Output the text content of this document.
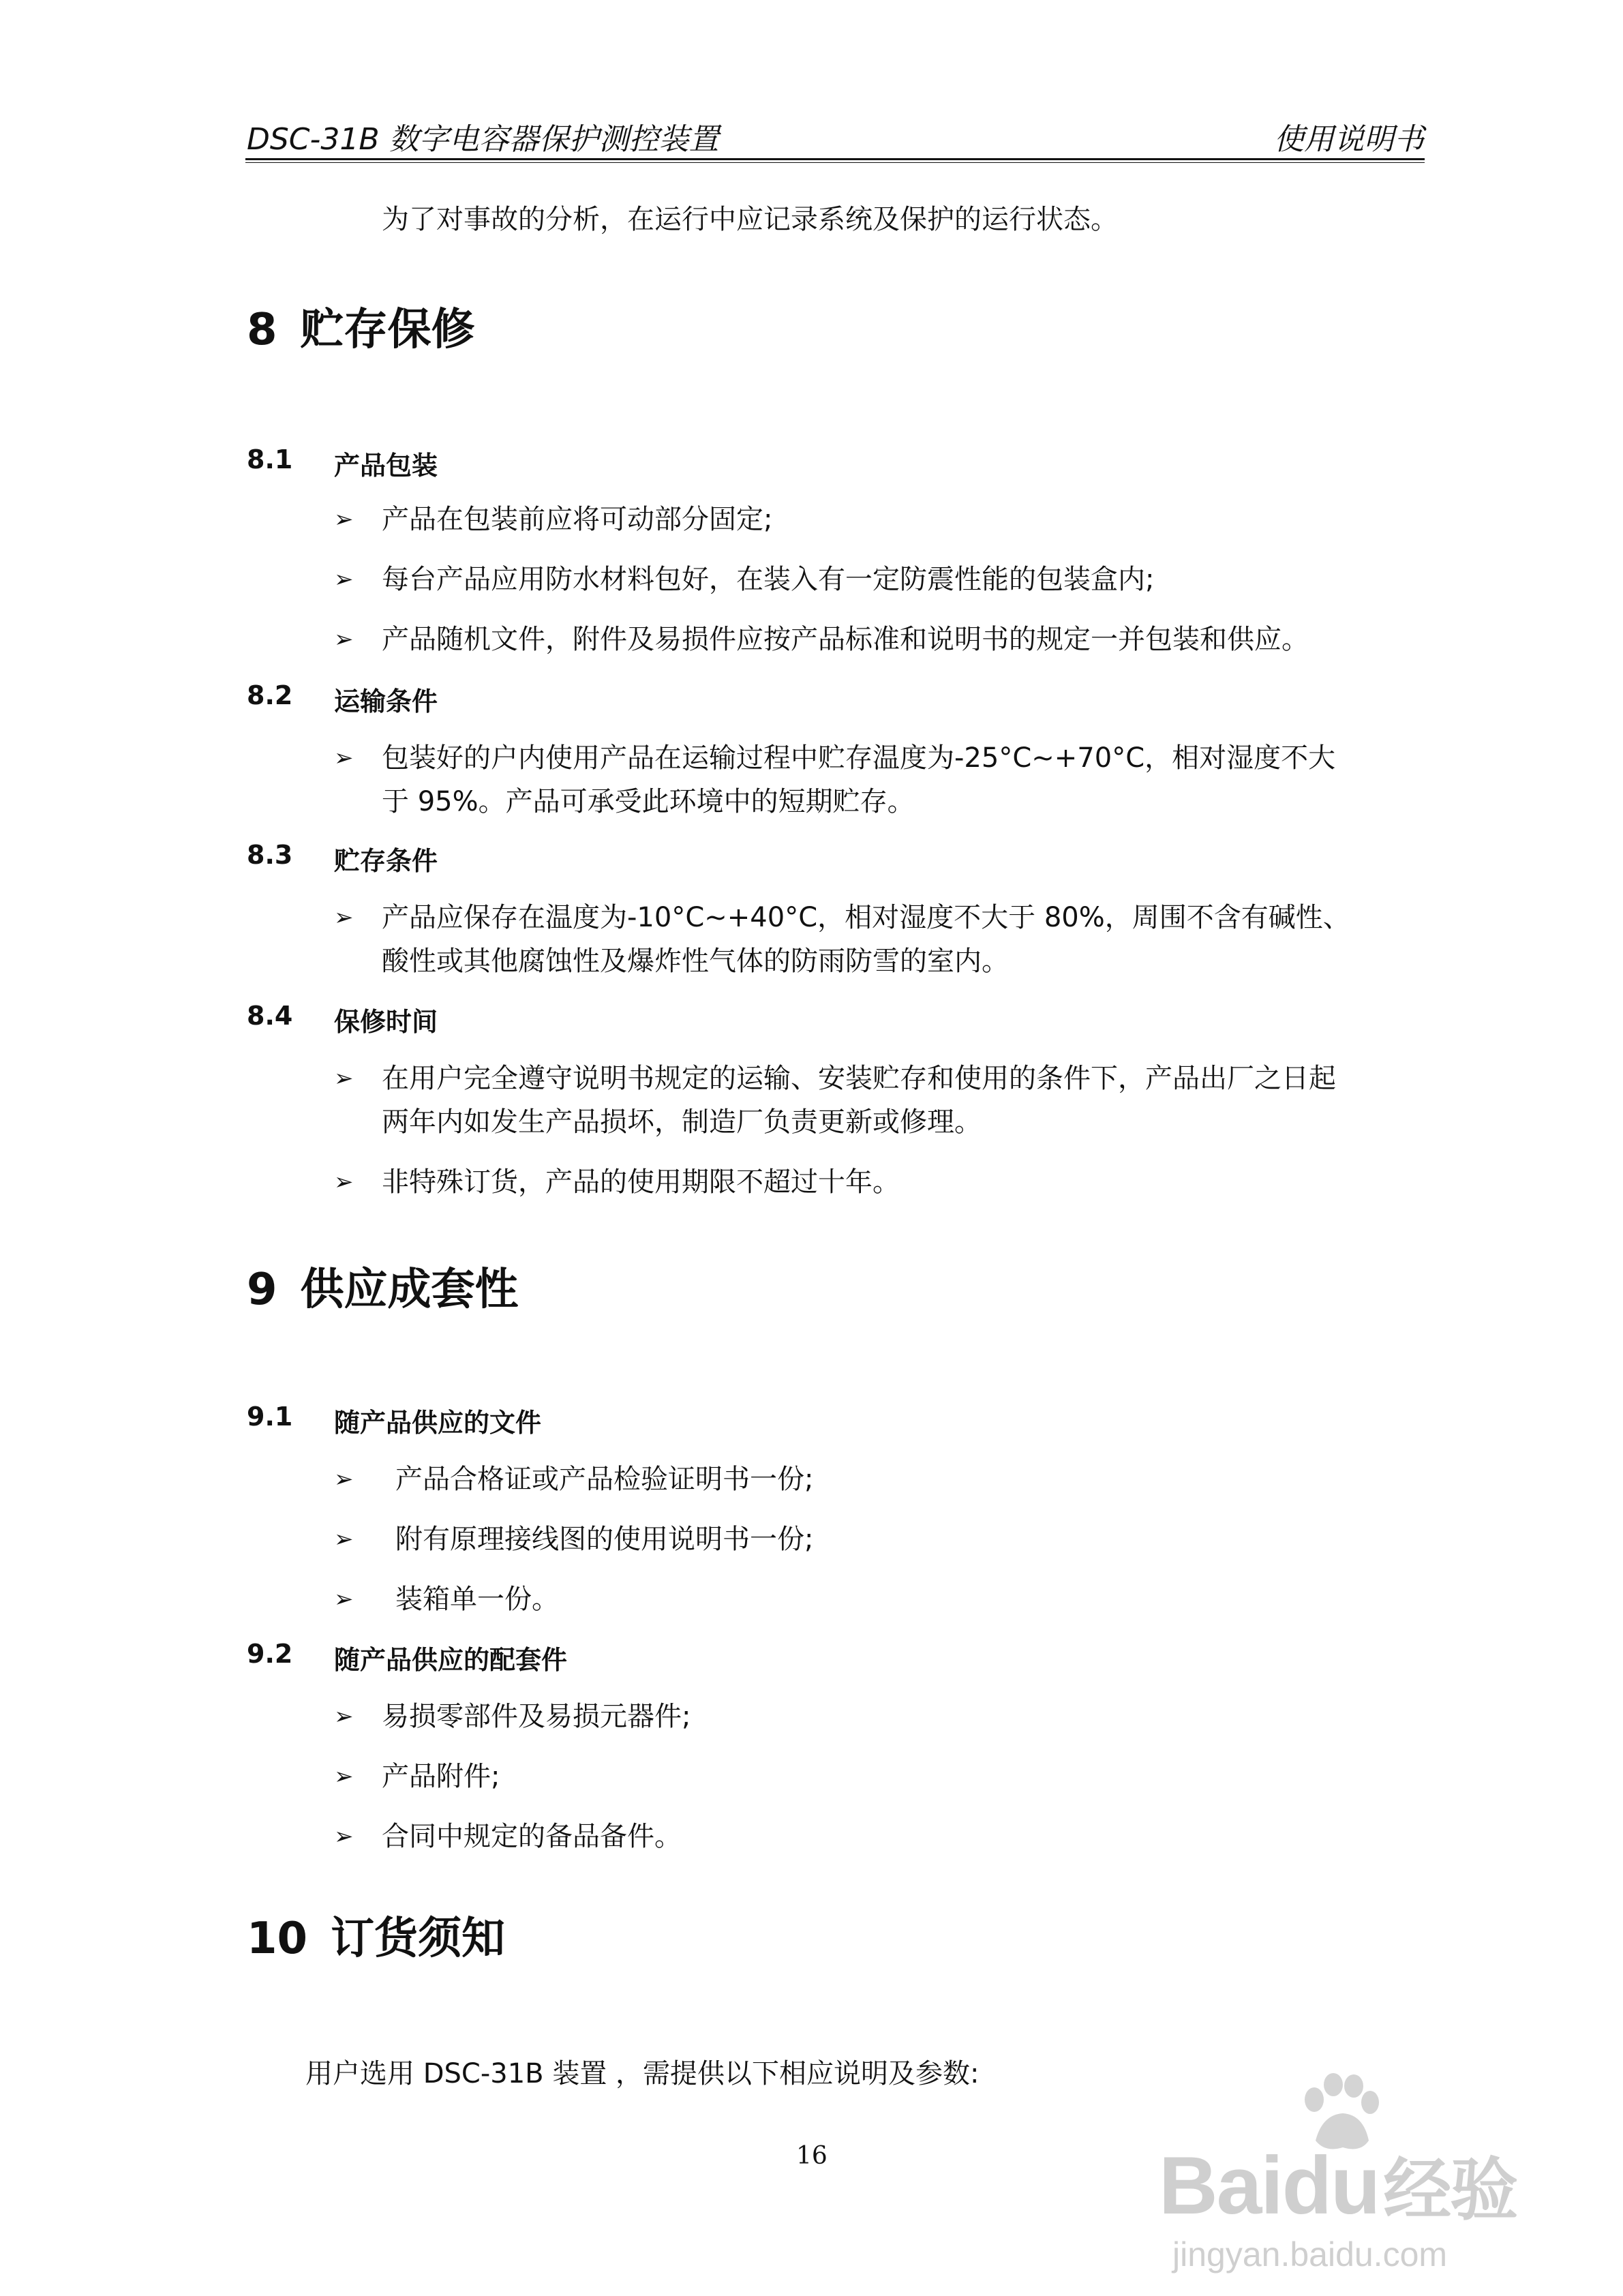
DSC-31B 数字电容器保护测控装置	使用说明书
为了对事故的分析，在运行中应记录系统及保护的运行状态。
8 贮存保修
8.1 产品包装
➢ 产品在包装前应将可动部分固定;
➢ 每台产品应用防水材料包好，在装入有一定防震性能的包装盒内;
➢ 产品随机文件，附件及易损件应按产品标准和说明书的规定一并包装和供应。
8.2 运输条件
➢ 包装好的户内使用产品在运输过程中贮存温度为-25°C~+70°C，相对湿度不大
于 95%。产品可承受此环境中的短期贮存。
8.3 贮存条件
➢ 产品应保存在温度为-10°C~+40°C，相对湿度不大于 80%，周围不含有碱性、
酸性或其他腐蚀性及爆炸性气体的防雨防雪的室内。
8.4 保修时间
➢ 在用户完全遵守说明书规定的运输、安装贮存和使用的条件下，产品出厂之日起
两年内如发生产品损坏，制造厂负责更新或修理。
➢ 非特殊订货，产品的使用期限不超过十年。
9 供应成套性
9.1 随产品供应的文件
➢ 产品合格证或产品检验证明书一份;
➢ 附有原理接线图的使用说明书一份;
➢ 装箱单一份。
9.2 随产品供应的配套件
➢ 易损零部件及易损元器件;
➢ 产品附件;
➢ 合同中规定的备品备件。
10 订货须知
用户选用 DSC-31B 装置 ，需提供以下相应说明及参数:
16	Baidu经验
jingyan.baidu.com
